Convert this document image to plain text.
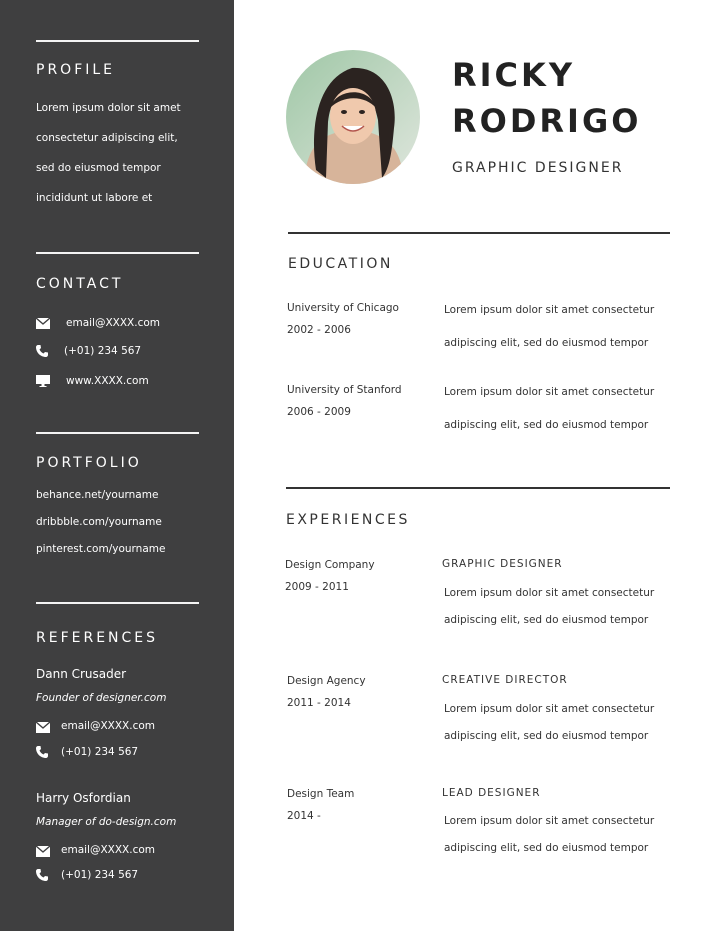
PROFILE
Lorem ipsum dolor sit amet
consectetur adipiscing elit,
sed do eiusmod tempor
incididunt ut labore et
CONTACT
email@XXXX.com
(+01) 234 567
www.XXXX.com
PORTFOLIO
behance.net/yourname
dribbble.com/yourname
pinterest.com/yourname
REFERENCES
Dann Crusader
Founder of designer.com
email@XXXX.com
(+01) 234 567
Harry Osfordian
Manager of do-design.com
email@XXXX.com
(+01) 234 567
RICKY
RODRIGO
GRAPHIC DESIGNER
EDUCATION
University of Chicago
2002 - 2006
Lorem ipsum dolor sit amet consectetur
adipiscing elit, sed do eiusmod tempor
University of Stanford
2006 - 2009
Lorem ipsum dolor sit amet consectetur
adipiscing elit, sed do eiusmod tempor
EXPERIENCES
Design Company
2009 - 2011
GRAPHIC DESIGNER
Lorem ipsum dolor sit amet consectetur
adipiscing elit, sed do eiusmod tempor
Design Agency
2011 - 2014
CREATIVE DIRECTOR
Lorem ipsum dolor sit amet consectetur
adipiscing elit, sed do eiusmod tempor
Design Team
2014 -
LEAD DESIGNER
Lorem ipsum dolor sit amet consectetur
adipiscing elit, sed do eiusmod tempor
